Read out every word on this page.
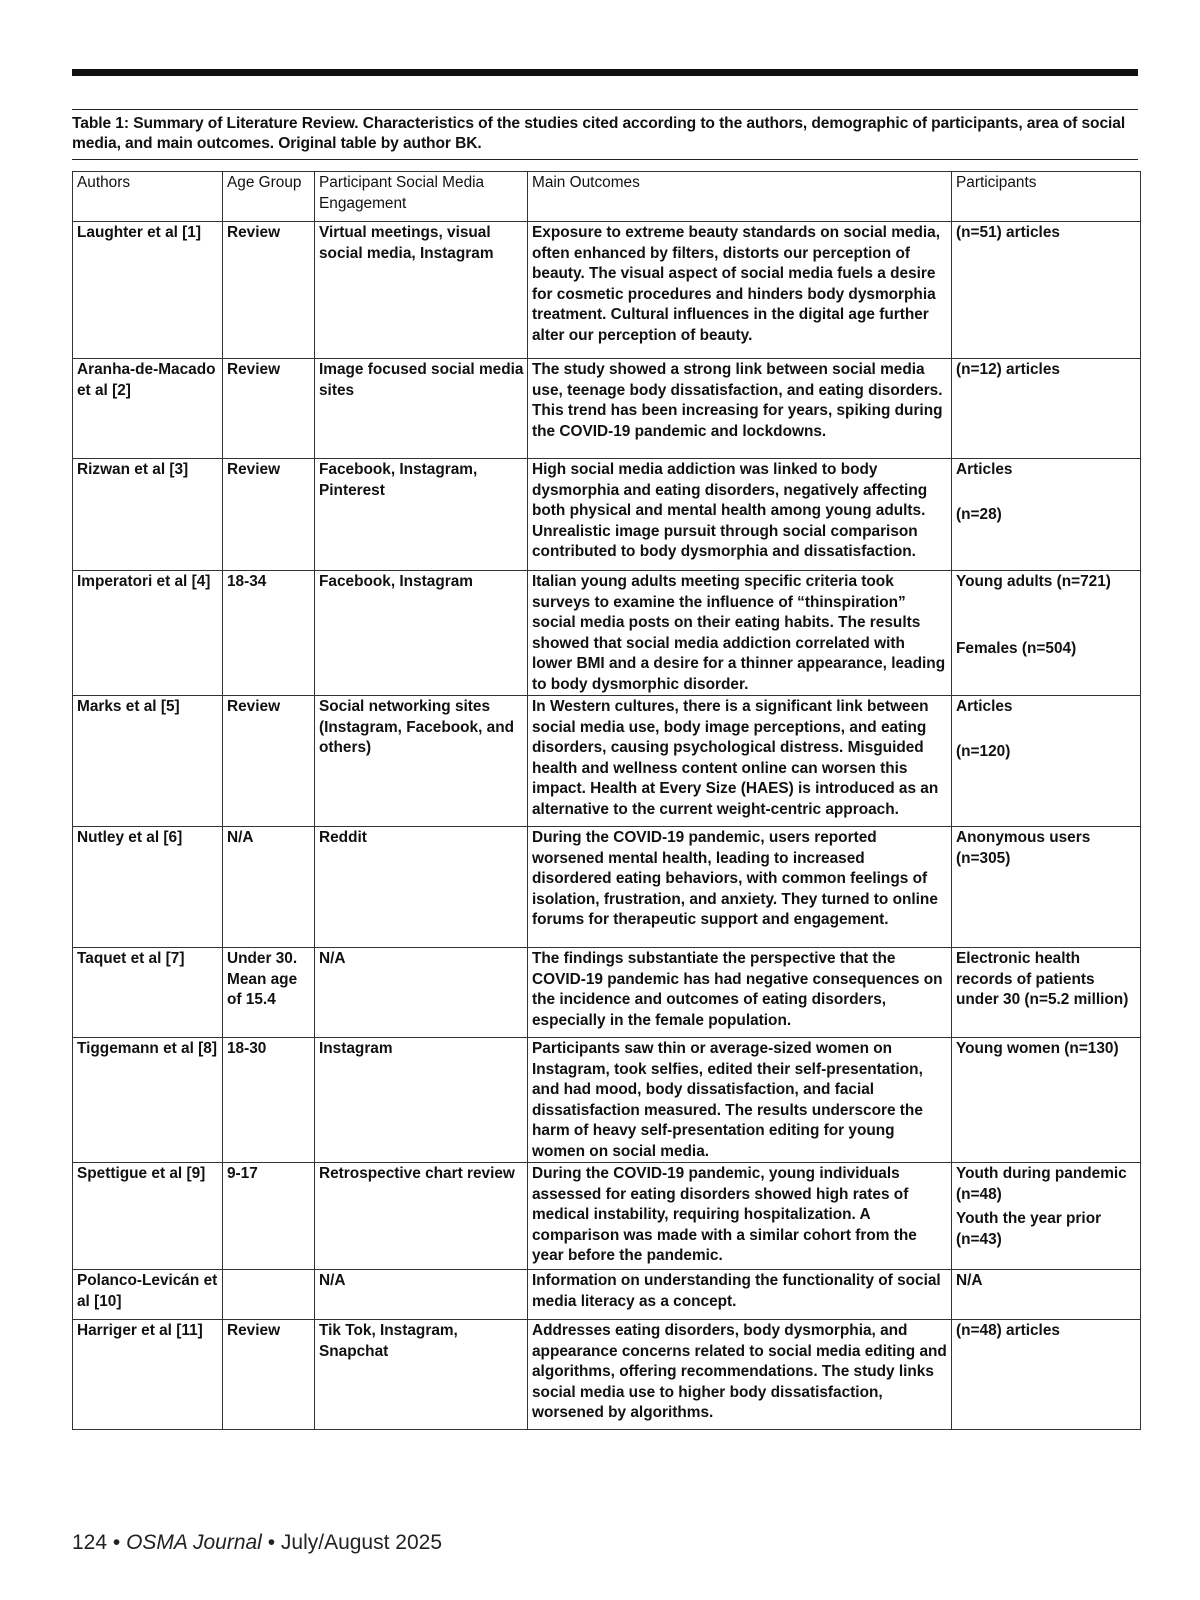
Table 1: Summary of Literature Review. Characteristics of the studies cited according to the authors, demographic of participants, area of social media, and main outcomes. Original table by author BK.
Authors	Age Group	Participant Social Media Engagement	Main Outcomes	Participants
Laughter et al [1]	Review	Virtual meetings, visual social media, Instagram	Exposure to extreme beauty standards on social media, often enhanced by filters, distorts our perception of beauty. The visual aspect of social media fuels a desire for cosmetic procedures and hinders body dysmorphia treatment. Cultural influences in the digital age further alter our perception of beauty.	(n=51) articles

Aranha-de-Macado et al [2]	Review	Image focused social media sites	The study showed a strong link between social media use, teenage body dissatisfaction, and eating disorders. This trend has been increasing for years, spiking during the COVID-19 pandemic and lockdowns.	(n=12) articles

Rizwan et al [3]	Review	Facebook, Instagram, Pinterest	High social media addiction was linked to body dysmorphia and eating disorders, negatively affecting both physical and mental health among young adults. Unrealistic image pursuit through social comparison contributed to body dysmorphia and dissatisfaction.	Articles
(n=28)

Imperatori et al [4]	18-34	Facebook, Instagram	Italian young adults meeting specific criteria took surveys to examine the influence of “thinspiration” social media posts on their eating habits. The results showed that social media addiction correlated with lower BMI and a desire for a thinner appearance, leading to body dysmorphic disorder.	Young adults (n=721)
Females (n=504)

Marks et al [5]	Review	Social networking sites (Instagram, Facebook, and others)	In Western cultures, there is a significant link between social media use, body image perceptions, and eating disorders, causing psychological distress. Misguided health and wellness content online can worsen this impact. Health at Every Size (HAES) is introduced as an alternative to the current weight-centric approach.	Articles
(n=120)

Nutley et al [6]	N/A	Reddit	During the COVID-19 pandemic, users reported worsened mental health, leading to increased disordered eating behaviors, with common feelings of isolation, frustration, and anxiety. They turned to online forums for therapeutic support and engagement.	Anonymous users (n=305)

Taquet et al [7]	Under 30. Mean age of 15.4	N/A	The findings substantiate the perspective that the COVID-19 pandemic has had negative consequences on the incidence and outcomes of eating disorders, especially in the female population.	Electronic health records of patients under 30 (n=5.2 million)

Tiggemann et al [8]	18-30	Instagram	Participants saw thin or average-sized women on Instagram, took selfies, edited their self-presentation, and had mood, body dissatisfaction, and facial dissatisfaction measured. The results underscore the harm of heavy self-presentation editing for young women on social media.	Young women (n=130)

Spettigue et al [9]	9-17	Retrospective chart review	During the COVID-19 pandemic, young individuals assessed for eating disorders showed high rates of medical instability, requiring hospitalization. A comparison was made with a similar cohort from the year before the pandemic.	Youth during pandemic (n=48)
Youth the year prior (n=43)

Polanco-Levicán et al [10]		N/A	Information on understanding the functionality of social media literacy as a concept.	N/A

Harriger et al [11]	Review	Tik Tok, Instagram, Snapchat	Addresses eating disorders, body dysmorphia, and appearance concerns related to social media editing and algorithms, offering recommendations. The study links social media use to higher body dissatisfaction, worsened by algorithms.	(n=48) articles
124 • OSMA Journal • July/August 2025
